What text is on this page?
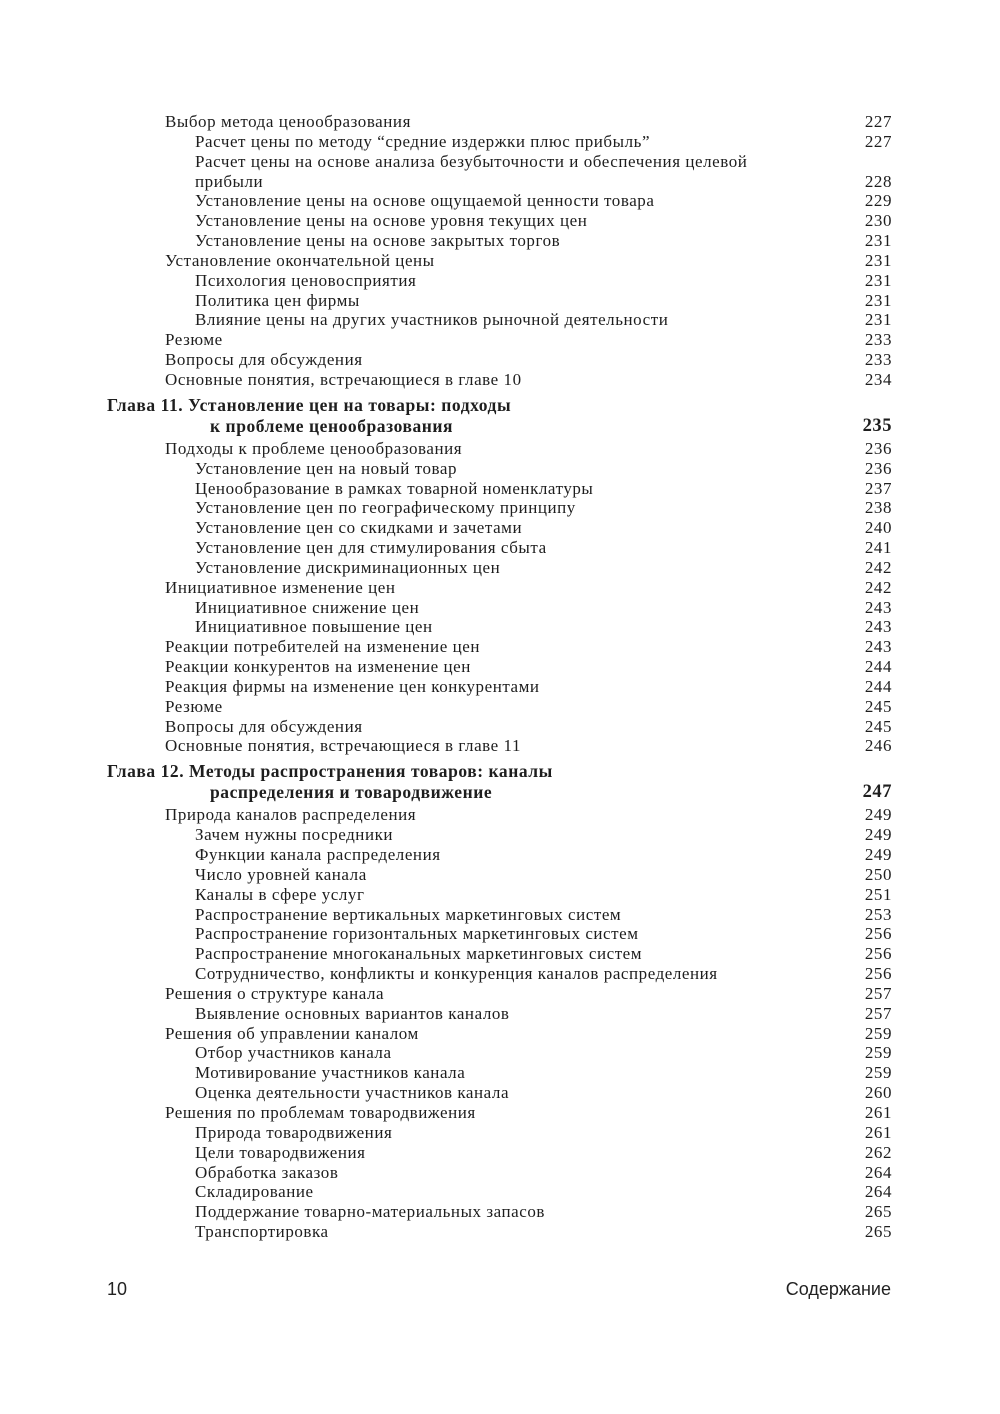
Выбор метода ценообразования	227
Расчет цены по методу “средние издержки плюс прибыль”	227
Расчет цены на основе анализа безубыточности и обеспечения целевой
прибыли	228
Установление цены на основе ощущаемой ценности товара	229
Установление цены на основе уровня текущих цен	230
Установление цены на основе закрытых торгов	231
Установление окончательной цены	231
Психология ценовосприятия	231
Политика цен фирмы	231
Влияние цены на других участников рыночной деятельности	231
Резюме	233
Вопросы для обсуждения	233
Основные понятия, встречающиеся в главе 10	234
Глава 11. Установление цен на товары: подходы
к проблеме ценообразования	235
Подходы к проблеме ценообразования	236
Установление цен на новый товар	236
Ценообразование в рамках товарной номенклатуры	237
Установление цен по географическому принципу	238
Установление цен со скидками и зачетами	240
Установление цен для стимулирования сбыта	241
Установление дискриминационных цен	242
Инициативное изменение цен	242
Инициативное снижение цен	243
Инициативное повышение цен	243
Реакции потребителей на изменение цен	243
Реакции конкурентов на изменение цен	244
Реакция фирмы на изменение цен конкурентами	244
Резюме	245
Вопросы для обсуждения	245
Основные понятия, встречающиеся в главе 11	246
Глава 12. Методы распространения товаров: каналы
распределения и товародвижение	247
Природа каналов распределения	249
Зачем нужны посредники	249
Функции канала распределения	249
Число уровней канала	250
Каналы в сфере услуг	251
Распространение вертикальных маркетинговых систем	253
Распространение горизонтальных маркетинговых систем	256
Распространение многоканальных маркетинговых систем	256
Сотрудничество, конфликты и конкуренция каналов распределения	256
Решения о структуре канала	257
Выявление основных вариантов каналов	257
Решения об управлении каналом	259
Отбор участников канала	259
Мотивирование участников канала	259
Оценка деятельности участников канала	260
Решения по проблемам товародвижения	261
Природа товародвижения	261
Цели товародвижения	262
Обработка заказов	264
Складирование	264
Поддержание товарно-материальных запасов	265
Транспортировка	265
10	Содержание
